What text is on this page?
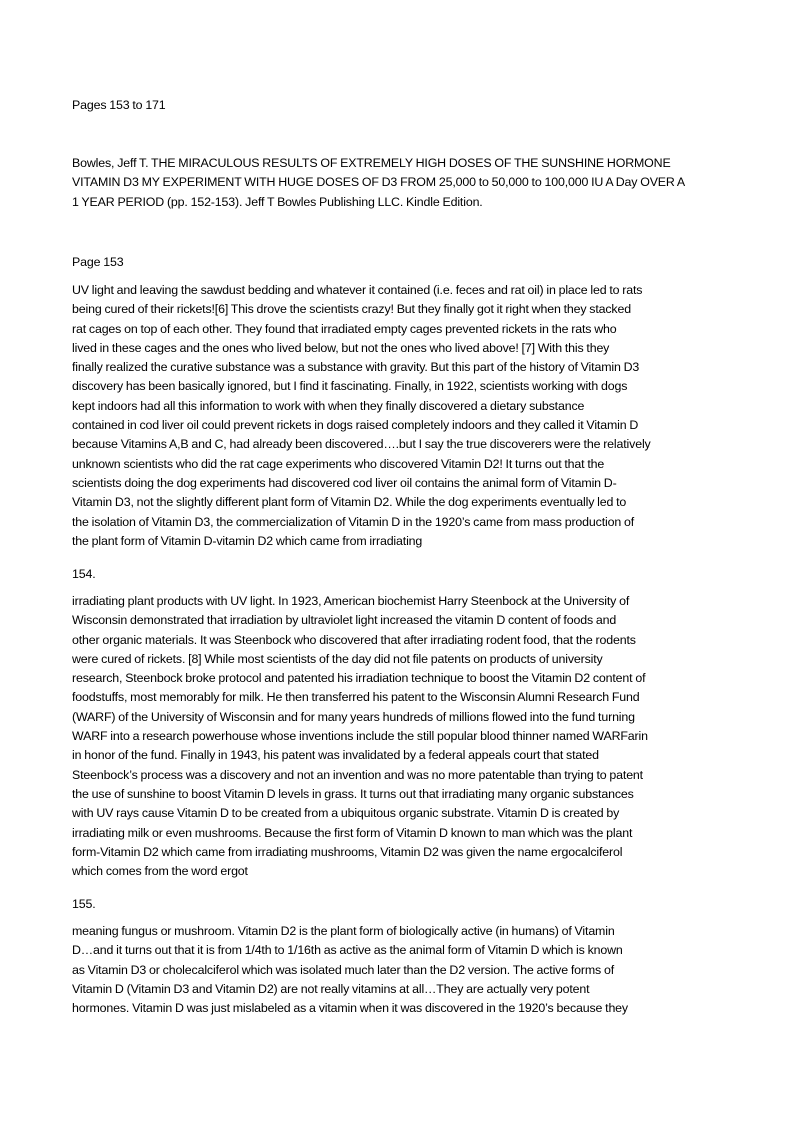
Pages 153 to 171
Bowles, Jeff T. THE MIRACULOUS RESULTS OF EXTREMELY HIGH DOSES OF THE SUNSHINE HORMONE
VITAMIN D3 MY EXPERIMENT WITH HUGE DOSES OF D3 FROM 25,000 to 50,000 to 100,000 IU A Day OVER A
1 YEAR PERIOD (pp. 152-153). Jeff T Bowles Publishing LLC. Kindle Edition.
Page 153
UV light and leaving the sawdust bedding and whatever it contained (i.e. feces and rat oil) in place led to rats
being cured of their rickets![6] This drove the scientists crazy! But they finally got it right when they stacked
rat cages on top of each other. They found that irradiated empty cages prevented rickets in the rats who
lived in these cages and the ones who lived below, but not the ones who lived above! [7] With this they
finally realized the curative substance was a substance with gravity. But this part of the history of Vitamin D3
discovery has been basically ignored, but I find it fascinating. Finally, in 1922, scientists working with dogs
kept indoors had all this information to work with when they finally discovered a dietary substance
contained in cod liver oil could prevent rickets in dogs raised completely indoors and they called it Vitamin D
because Vitamins A,B and C, had already been discovered….but I say the true discoverers were the relatively
unknown scientists who did the rat cage experiments who discovered Vitamin D2! It turns out that the
scientists doing the dog experiments had discovered cod liver oil contains the animal form of Vitamin D-
Vitamin D3, not the slightly different plant form of Vitamin D2. While the dog experiments eventually led to
the isolation of Vitamin D3, the commercialization of Vitamin D in the 1920’s came from mass production of
the plant form of Vitamin D-vitamin D2 which came from irradiating
154.
irradiating plant products with UV light. In 1923, American biochemist Harry Steenbock at the University of
Wisconsin demonstrated that irradiation by ultraviolet light increased the vitamin D content of foods and
other organic materials. It was Steenbock who discovered that after irradiating rodent food, that the rodents
were cured of rickets. [8] While most scientists of the day did not file patents on products of university
research, Steenbock broke protocol and patented his irradiation technique to boost the Vitamin D2 content of
foodstuffs, most memorably for milk. He then transferred his patent to the Wisconsin Alumni Research Fund
(WARF) of the University of Wisconsin and for many years hundreds of millions flowed into the fund turning
WARF into a research powerhouse whose inventions include the still popular blood thinner named WARFarin
in honor of the fund. Finally in 1943, his patent was invalidated by a federal appeals court that stated
Steenbock’s process was a discovery and not an invention and was no more patentable than trying to patent
the use of sunshine to boost Vitamin D levels in grass. It turns out that irradiating many organic substances
with UV rays cause Vitamin D to be created from a ubiquitous organic substrate. Vitamin D is created by
irradiating milk or even mushrooms. Because the first form of Vitamin D known to man which was the plant
form-Vitamin D2 which came from irradiating mushrooms, Vitamin D2 was given the name ergocalciferol
which comes from the word ergot
155.
meaning fungus or mushroom. Vitamin D2 is the plant form of biologically active (in humans) of Vitamin
D…and it turns out that it is from 1/4th to 1/16th as active as the animal form of Vitamin D which is known
as Vitamin D3 or cholecalciferol which was isolated much later than the D2 version. The active forms of
Vitamin D (Vitamin D3 and Vitamin D2) are not really vitamins at all…They are actually very potent
hormones. Vitamin D was just mislabeled as a vitamin when it was discovered in the 1920’s because they
